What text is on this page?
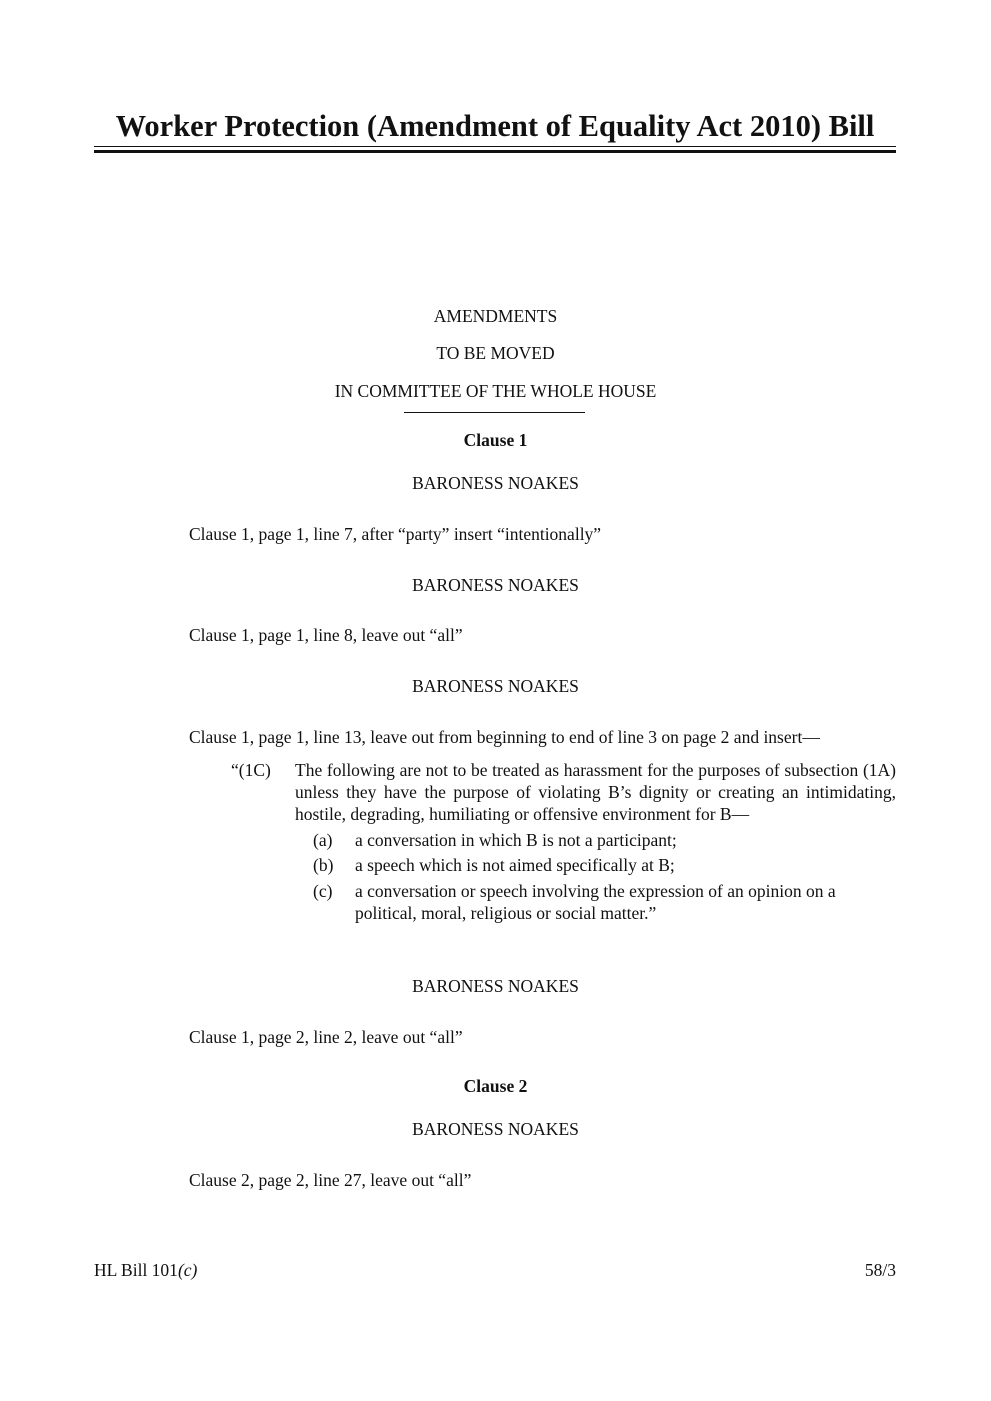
Worker Protection (Amendment of Equality Act 2010) Bill
AMENDMENTS
TO BE MOVED
IN COMMITTEE OF THE WHOLE HOUSE
Clause 1
BARONESS NOAKES
Clause 1, page 1, line 7, after “party” insert “intentionally”
BARONESS NOAKES
Clause 1, page 1, line 8, leave out “all”
BARONESS NOAKES
Clause 1, page 1, line 13, leave out from beginning to end of line 3 on page 2 and insert—
“(1C) The following are not to be treated as harassment for the purposes of subsection (1A) unless they have the purpose of violating B’s dignity or creating an intimidating, hostile, degrading, humiliating or offensive environment for B—
(a) a conversation in which B is not a participant;
(b) a speech which is not aimed specifically at B;
(c) a conversation or speech involving the expression of an opinion on a political, moral, religious or social matter.”
BARONESS NOAKES
Clause 1, page 2, line 2, leave out “all”
Clause 2
BARONESS NOAKES
Clause 2, page 2, line 27, leave out “all”
HL Bill 101(c)	58/3
